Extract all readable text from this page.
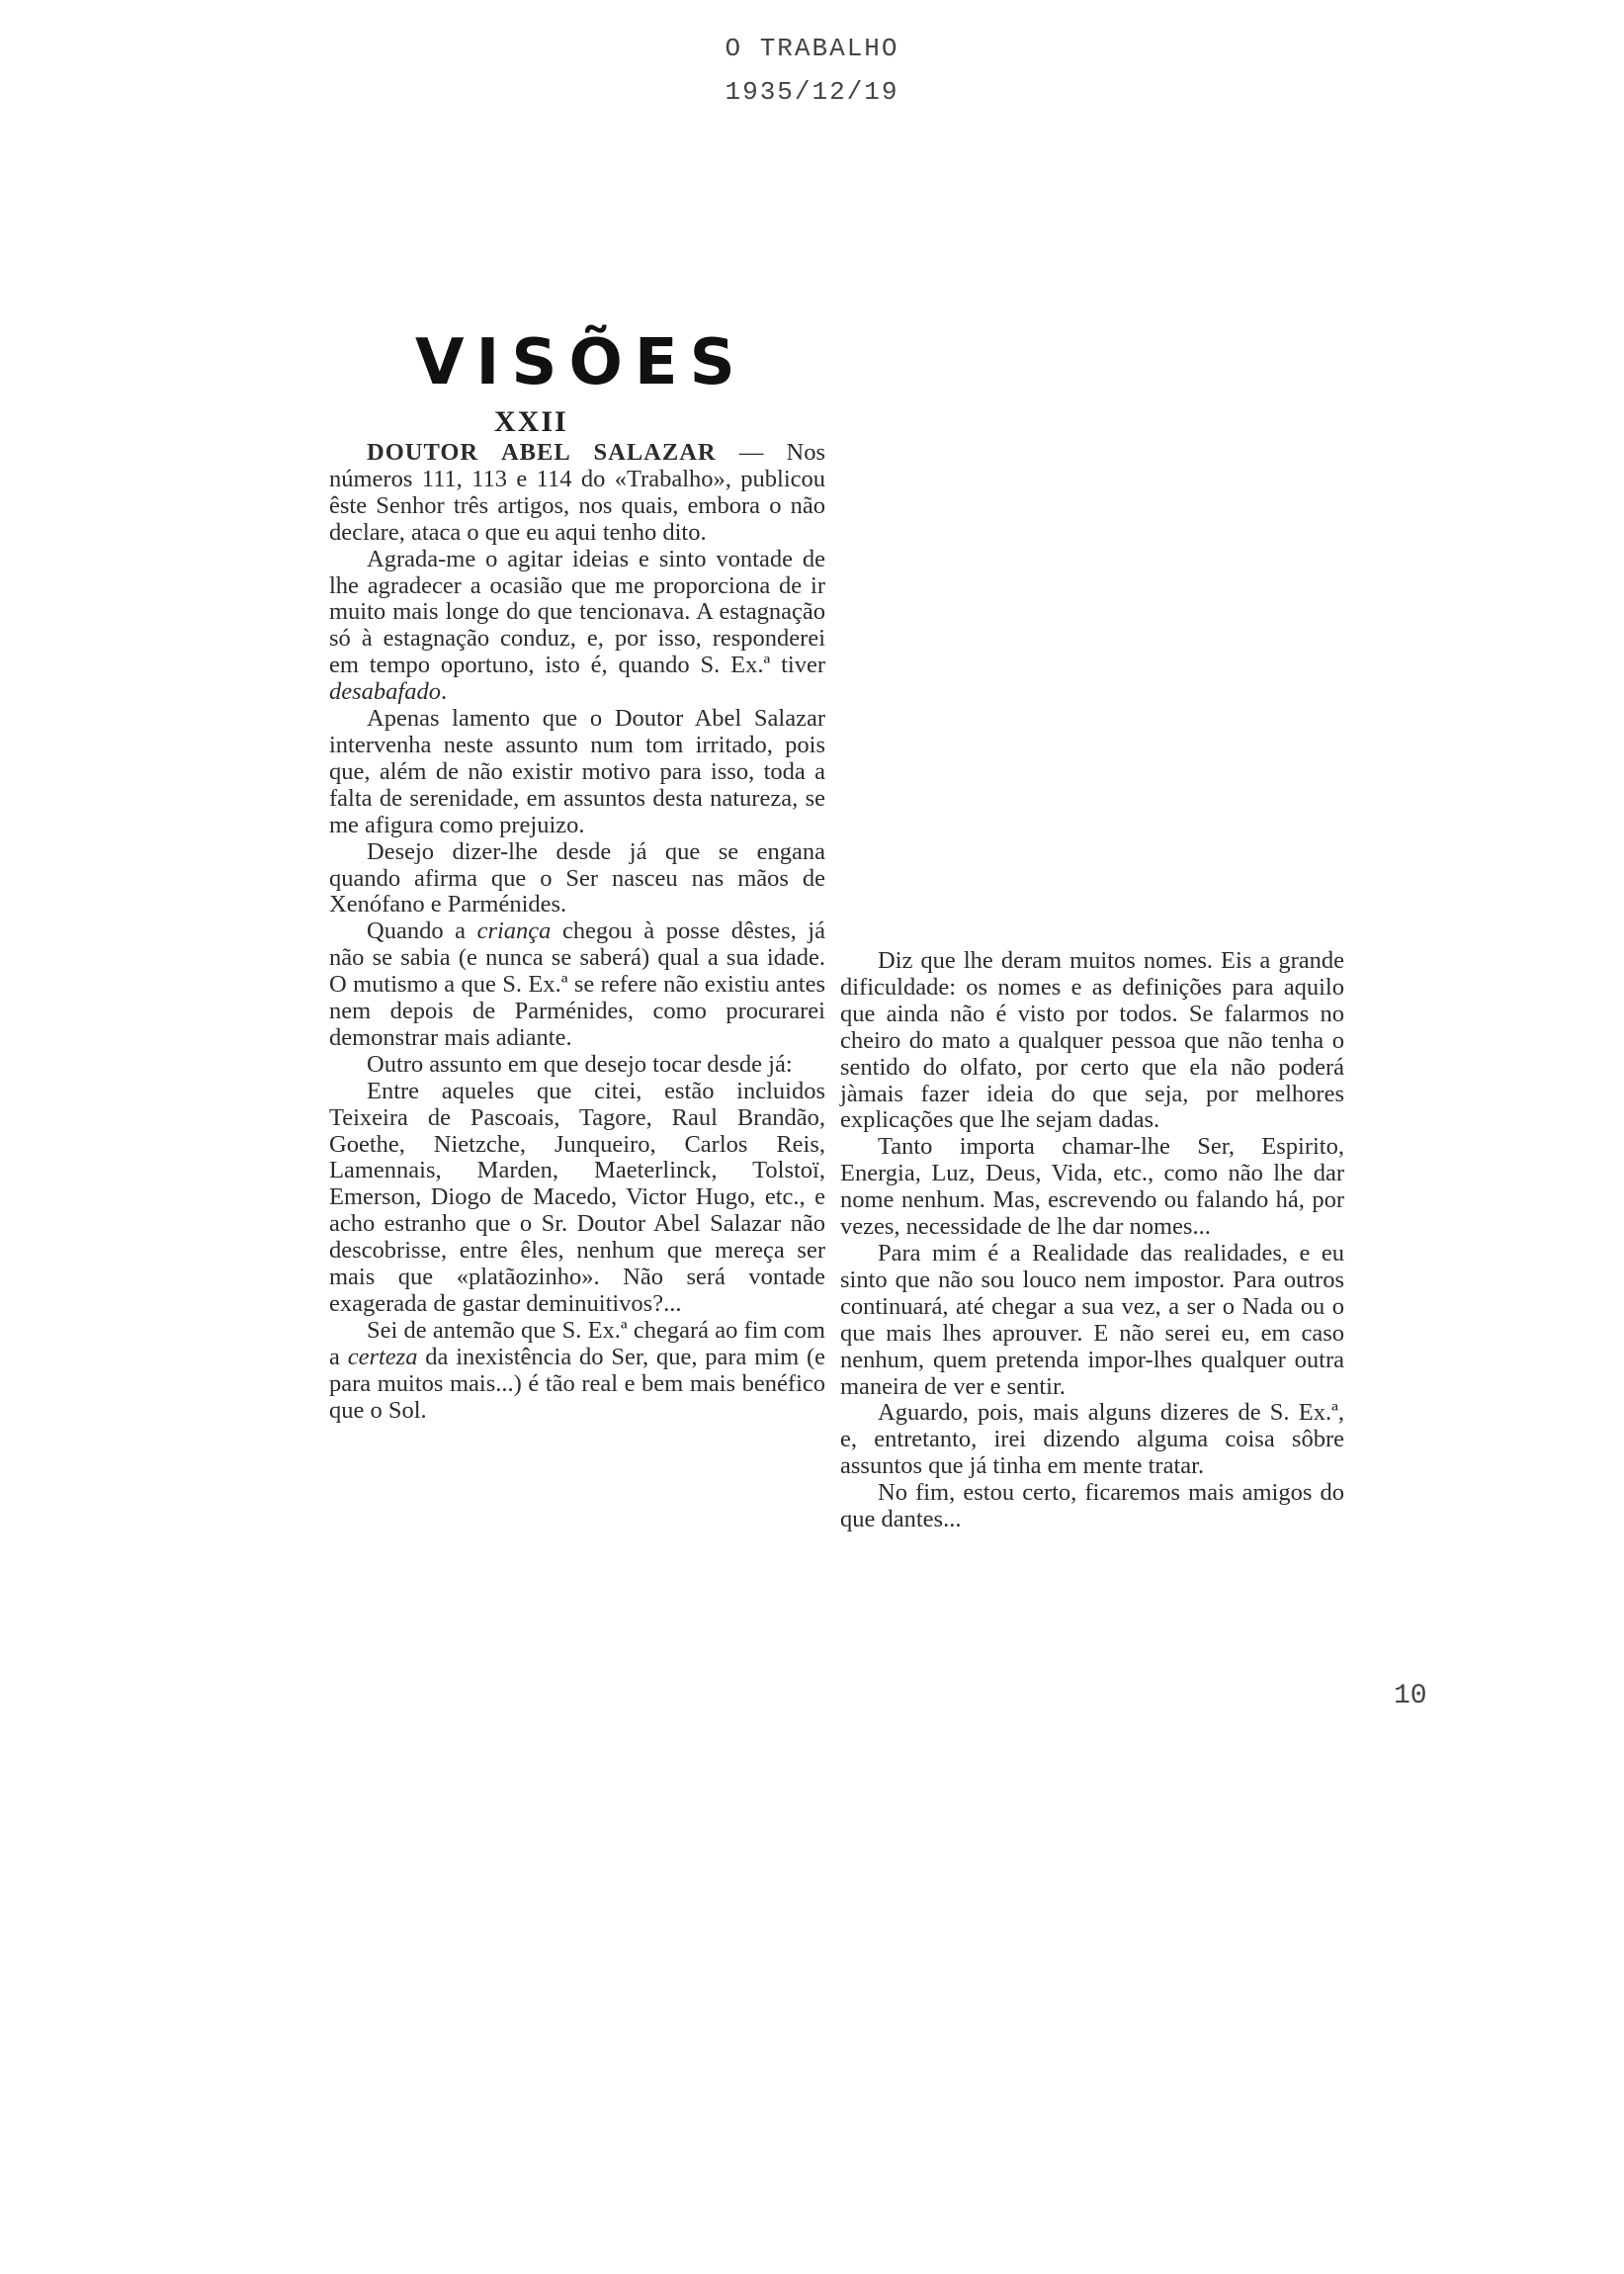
O TRABALHO
1935/12/19
VISÕES
XXII

DOUTOR ABEL SALAZAR — Nos números 111, 113 e 114 do «Trabalho», publicou êste Senhor três artigos, nos quais, embora o não declare, ataca o que eu aqui tenho dito.

Agrada-me o agitar ideias e sinto vontade de lhe agradecer a ocasião que me proporciona de ir muito mais longe do que tencionava. A estagnação só à estagnação conduz, e, por isso, responderei em tempo oportuno, isto é, quando S. Ex.ª tiver desabafado.

Apenas lamento que o Doutor Abel Salazar intervenha neste assunto num tom irritado, pois que, além de não existir motivo para isso, toda a falta de serenidade, em assuntos desta natureza, se me afigura como prejuizo.

Desejo dizer-lhe desde já que se engana quando afirma que o Ser nasceu nas mãos de Xenófano e Parménides.

Quando a criança chegou à posse dêstes, já não se sabia (e nunca se saberá) qual a sua idade. O mutismo a que S. Ex.ª se refere não existiu antes nem depois de Parménides, como procurarei demonstrar mais adiante.

Outro assunto em que desejo tocar desde já:

Entre aqueles que citei, estão incluidos Teixeira de Pascoais, Tagore, Raul Brandão, Goethe, Nietzche, Junqueiro, Carlos Reis, Lamennais, Marden, Maeterlinck, Tolstoï, Emerson, Diogo de Macedo, Victor Hugo, etc., e acho estranho que o Sr. Doutor Abel Salazar não descobrisse, entre êles, nenhum que mereça ser mais que «platãozinho». Não será vontade exagerada de gastar deminuitivos?...

Sei de antemão que S. Ex.ª chegará ao fim com a certeza da inexistência do Ser, que, para mim (e para muitos mais...) é tão real e bem mais benéfico que o Sol.

Diz que lhe deram muitos nomes. Eis a grande dificuldade: os nomes e as definições para aquilo que ainda não é visto por todos. Se falarmos no cheiro do mato a qualquer pessoa que não tenha o sentido do olfato, por certo que ela não poderá jàmais fazer ideia do que seja, por melhores explicações que lhe sejam dadas.

Tanto importa chamar-lhe Ser, Espirito, Energia, Luz, Deus, Vida, etc., como não lhe dar nome nenhum. Mas, escrevendo ou falando há, por vezes, necessidade de lhe dar nomes...

Para mim é a Realidade das realidades, e eu sinto que não sou louco nem impostor. Para outros continuará, até chegar a sua vez, a ser o Nada ou o que mais lhes aprouver. E não serei eu, em caso nenhum, quem pretenda impor-lhes qualquer outra maneira de ver e sentir.

Aguardo, pois, mais alguns dizeres de S. Ex.ª, e, entretanto, irei dizendo alguma coisa sôbre assuntos que já tinha em mente tratar.

No fim, estou certo, ficaremos mais amigos do que dantes...

10
